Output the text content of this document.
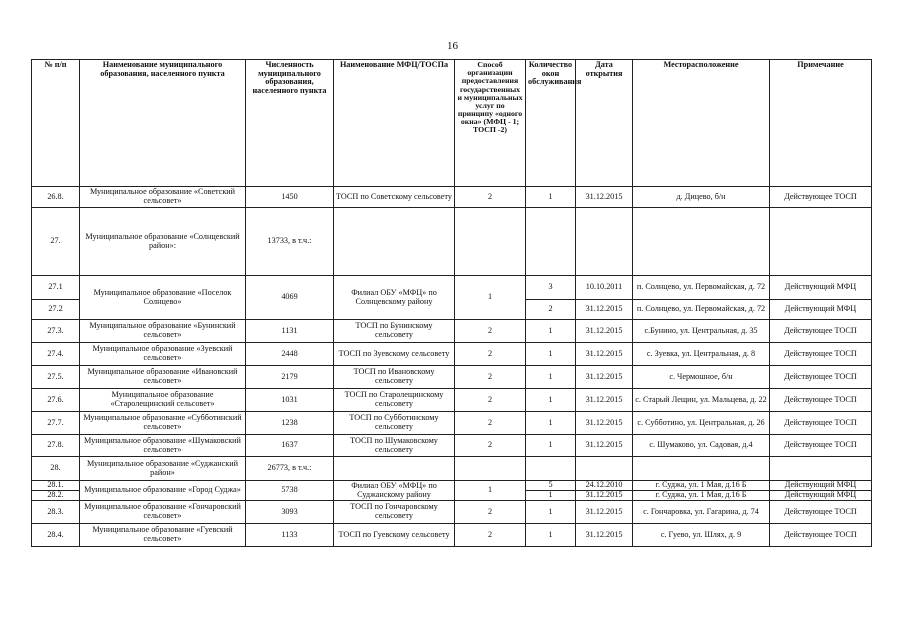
16
№ п/п	Наименование муниципального образования, населенного пункта	Численность муниципального образования, населенного пункта	Наименование МФЦ/ТОСПа	Способ организации предоставления государственных и муниципальных услуг по принципу «одного окна» (МФЦ - 1; ТОСП -2)	Количество окон обслуживания	Дата открытия	Месторасположение	Примечание
26.8.	Муниципальное образование «Советский сельсовет»	1450	ТОСП по Советскому сельсовету	2	1	31.12.2015	д. Дицево, б/н	Действующее ТОСП
27.	Муниципальное образование «Солнцевский район»:	13733, в т.ч.:						
27.1	Муниципальное образование «Поселок Солнцево»	4069	Филиал ОБУ «МФЦ» по Солнцевскому району	1	3	10.10.2011	п. Солнцево, ул. Первомайская, д. 72	Действующий МФЦ
27.2					2	31.12.2015	п. Солнцево, ул. Первомайская, д. 72	Действующий МФЦ
27.3.	Муниципальное образование «Бунинский сельсовет»	1131	ТОСП по Бунинскому сельсовету	2	1	31.12.2015	с.Бунино, ул. Центральная, д. 35	Действующее ТОСП
27.4.	Муниципальное образование «Зуевский сельсовет»	2448	ТОСП по Зуевскому сельсовету	2	1	31.12.2015	с. Зуевка, ул. Центральная, д. 8	Действующее ТОСП
27.5.	Муниципальное образование «Ивановский сельсовет»	2179	ТОСП по Ивановскому сельсовету	2	1	31.12.2015	с. Чермошное, б/н	Действующее ТОСП
27.6.	Муниципальное образование «Старолещинский сельсовет»	1031	ТОСП по Старолещинскому сельсовету	2	1	31.12.2015	с. Старый Лещин, ул. Мальцева, д. 22	Действующее ТОСП
27.7.	Муниципальное образование «Субботинский сельсовет»	1238	ТОСП по Субботинскому сельсовету	2	1	31.12.2015	с. Субботино, ул. Центральная, д. 26	Действующее ТОСП
27.8.	Муниципальное образование «Шумаковский сельсовет»	1637	ТОСП по Шумаковскому сельсовету	2	1	31.12.2015	с. Шумаково, ул. Садовая, д.4	Действующее ТОСП
28.	Муниципальное образование «Суджанский район»	26773, в т.ч.:						
28.1.	Муниципальное образование «Город Суджа»	5738	Филиал ОБУ «МФЦ» по Суджанскому району	1	5	24.12.2010	г. Суджа, ул. 1 Мая, д.16 Б	Действующий МФЦ
28.2.					1	31.12.2015	г. Суджа, ул. 1 Мая, д.16 Б	Действующий МФЦ
28.3.	Муниципальное образование «Гончаровский сельсовет»	3093	ТОСП по Гончаровскому сельсовету	2	1	31.12.2015	с. Гончаровка, ул. Гагарина, д. 74	Действующее ТОСП
28.4.	Муниципальное образование «Гуевский сельсовет»	1133	ТОСП по Гуевскому сельсовету	2	1	31.12.2015	с. Гуево, ул. Шлях, д. 9	Действующее ТОСП
